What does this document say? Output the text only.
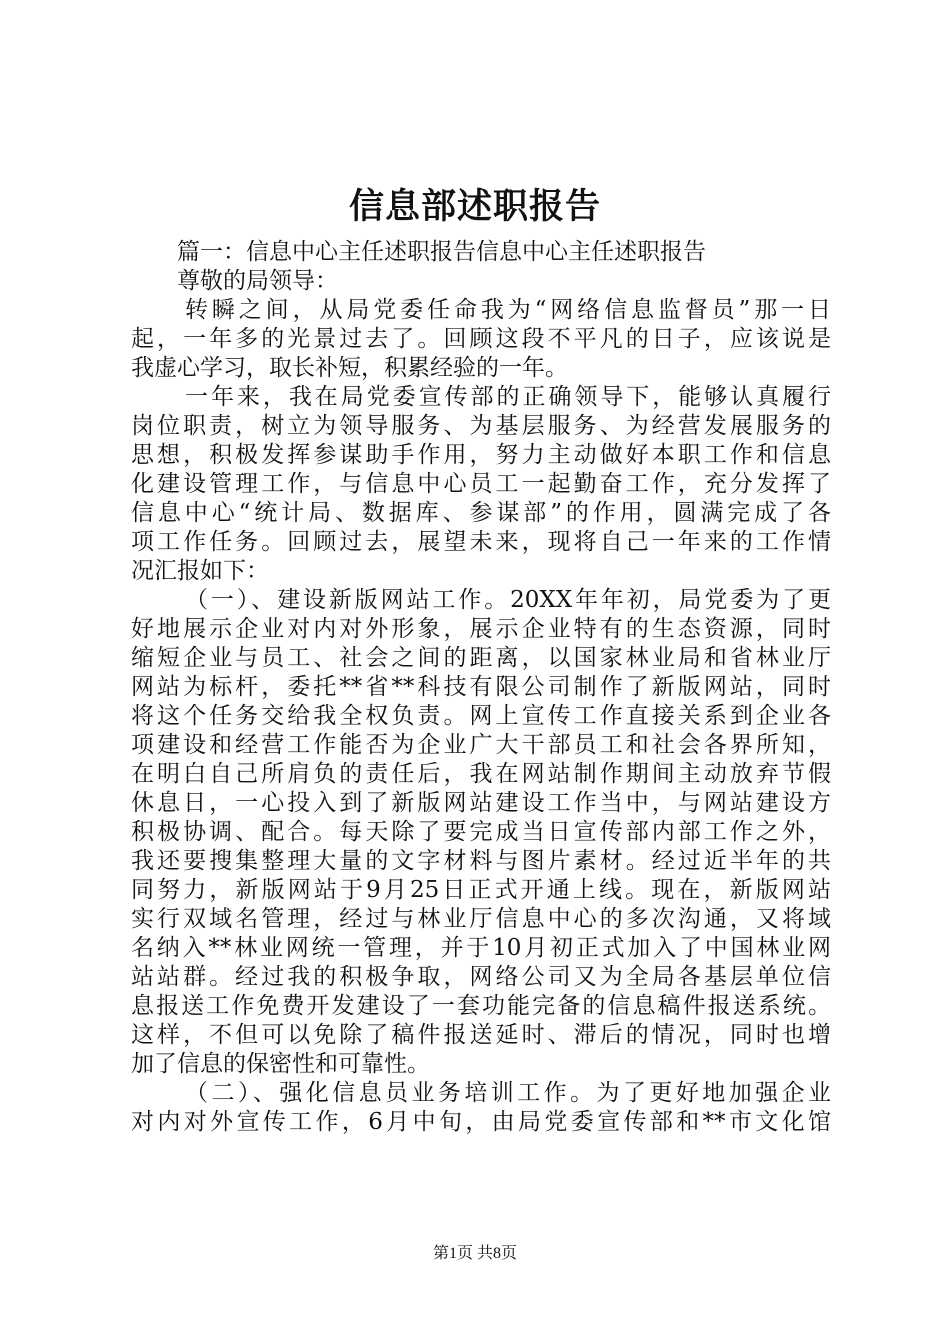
信息部述职报告
篇一：信息中心主任述职报告信息中心主任述职报告
尊敬的局领导：
转瞬之间，从局党委任命我为“网络信息监督员”那一日
起，一年多的光景过去了。回顾这段不平凡的日子，应该说是
我虚心学习，取长补短，积累经验的一年。
一年来，我在局党委宣传部的正确领导下，能够认真履行
岗位职责，树立为领导服务、为基层服务、为经营发展服务的
思想，积极发挥参谋助手作用，努力主动做好本职工作和信息
化建设管理工作，与信息中心员工一起勤奋工作，充分发挥了
信息中心“统计局、数据库、参谋部”的作用，圆满完成了各
项工作任务。回顾过去，展望未来，现将自己一年来的工作情
况汇报如下：
（一）、建设新版网站工作。20XX年年初，局党委为了更
好地展示企业对内对外形象，展示企业特有的生态资源，同时
缩短企业与员工、社会之间的距离，以国家林业局和省林业厅
网站为标杆，委托**省**科技有限公司制作了新版网站，同时
将这个任务交给我全权负责。网上宣传工作直接关系到企业各
项建设和经营工作能否为企业广大干部员工和社会各界所知，
在明白自己所肩负的责任后，我在网站制作期间主动放弃节假
休息日，一心投入到了新版网站建设工作当中，与网站建设方
积极协调、配合。每天除了要完成当日宣传部内部工作之外，
我还要搜集整理大量的文字材料与图片素材。经过近半年的共
同努力，新版网站于9月25日正式开通上线。现在，新版网站
实行双域名管理，经过与林业厅信息中心的多次沟通，又将域
名纳入**林业网统一管理，并于10月初正式加入了中国林业网
站站群。经过我的积极争取，网络公司又为全局各基层单位信
息报送工作免费开发建设了一套功能完备的信息稿件报送系统。
这样，不但可以免除了稿件报送延时、滞后的情况，同时也增
加了信息的保密性和可靠性。
（二）、强化信息员业务培训工作。为了更好地加强企业
对内对外宣传工作，6月中旬，由局党委宣传部和**市文化馆
第1页 共8页
